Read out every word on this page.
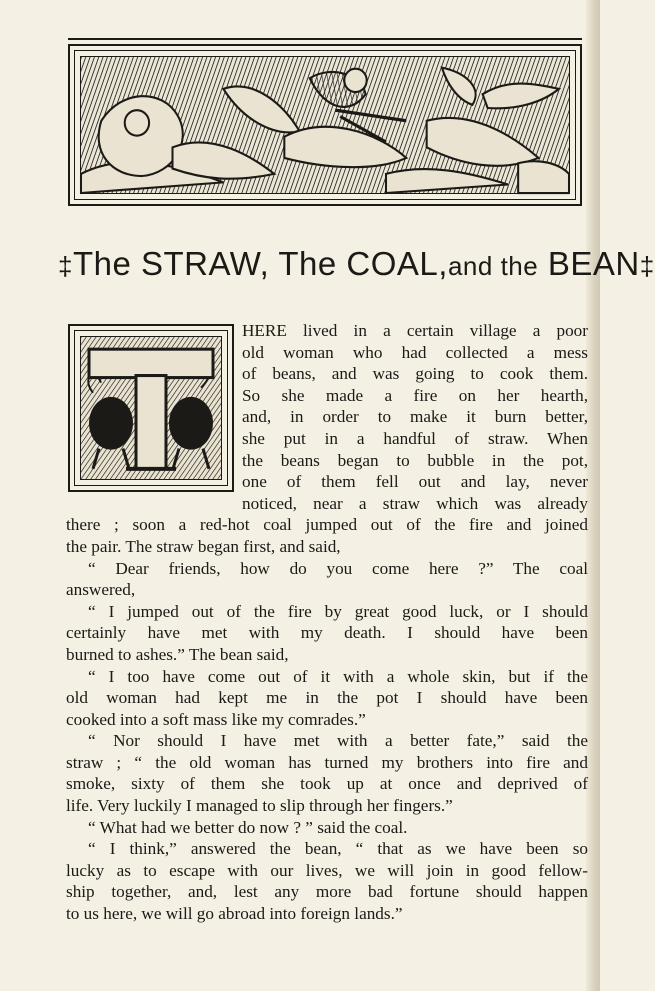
‡The STRAW, The COAL,and the BEAN‡
HERE lived in a certain village a poor
old woman who had collected a mess
of beans, and was going to cook them.
So she made a fire on her hearth,
and, in order to make it burn better,
she put in a handful of straw. When
the beans began to bubble in the pot,
one of them fell out and lay, never
noticed, near a straw which was already
there ; soon a red-hot coal jumped out of the fire and joined
the pair. The straw began first, and said,
“ Dear friends, how do you come here ?” The coal
answered,
“ I jumped out of the fire by great good luck, or I should
certainly have met with my death. I should have been
burned to ashes.” The bean said,
“ I too have come out of it with a whole skin, but if the
old woman had kept me in the pot I should have been
cooked into a soft mass like my comrades.”
“ Nor should I have met with a better fate,” said the
straw ; “ the old woman has turned my brothers into fire and
smoke, sixty of them she took up at once and deprived of
life. Very luckily I managed to slip through her fingers.”
“ What had we better do now ? ” said the coal.
“ I think,” answered the bean, “ that as we have been so
lucky as to escape with our lives, we will join in good fellow-
ship together, and, lest any more bad fortune should happen
to us here, we will go abroad into foreign lands.”
